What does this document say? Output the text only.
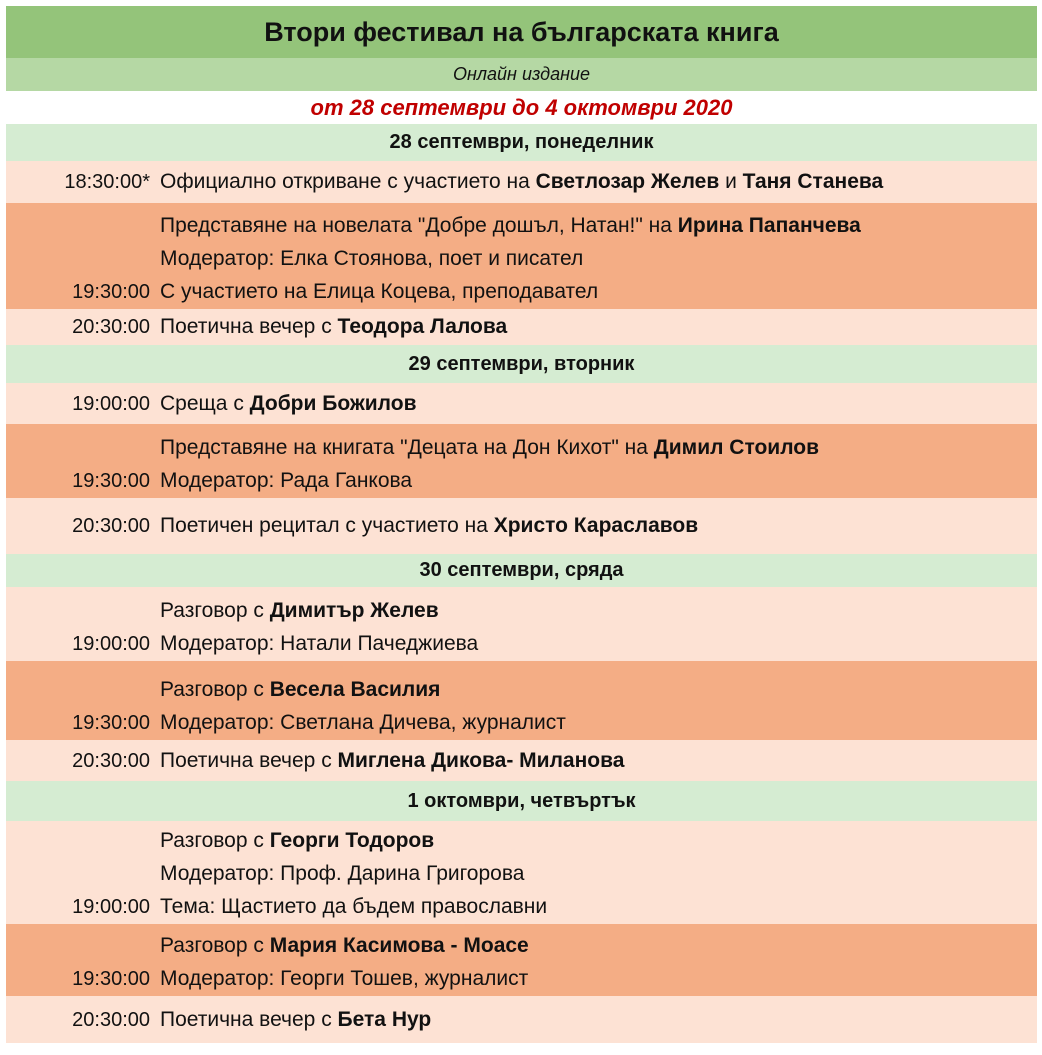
Втори фестивал на българската книга
Онлайн издание
от 28 септември до 4 октомври 2020
28 септември, понеделник
Официално откриване с участието на Светлозар Желев и Таня Станева
18:30:00*
Представяне на новелата "Добре дошъл, Натан!" на Ирина Папанчева
Модератор: Елка Стоянова, поет и писател
С участието на Елица Коцева, преподавател
19:30:00
Поетична вечер с Теодора Лалова
20:30:00
29 септември, вторник
Среща с Добри Божилов
19:00:00
Представяне на книгата "Децата на Дон Кихот" на Димил Стоилов
Модератор: Рада Ганкова
19:30:00
Поетичен рецитал с участието на Христо Караславов
20:30:00
30 септември, сряда
Разговор с Димитър Желев
Модератор: Натали Пачеджиева
19:00:00
Разговор с Весела Василия
Модератор: Светлана Дичева, журналист
19:30:00
Поетична вечер с Миглена Дикова- Миланова
20:30:00
1 октомври, четвъртък
Разговор с Георги Тодоров
Модератор: Проф. Дарина Григорова
Тема: Щастието да бъдем православни
19:00:00
Разговор с Мария Касимова - Моасе
Модератор: Георги Тошев, журналист
19:30:00
Поетична вечер с Бета Нур
20:30:00
